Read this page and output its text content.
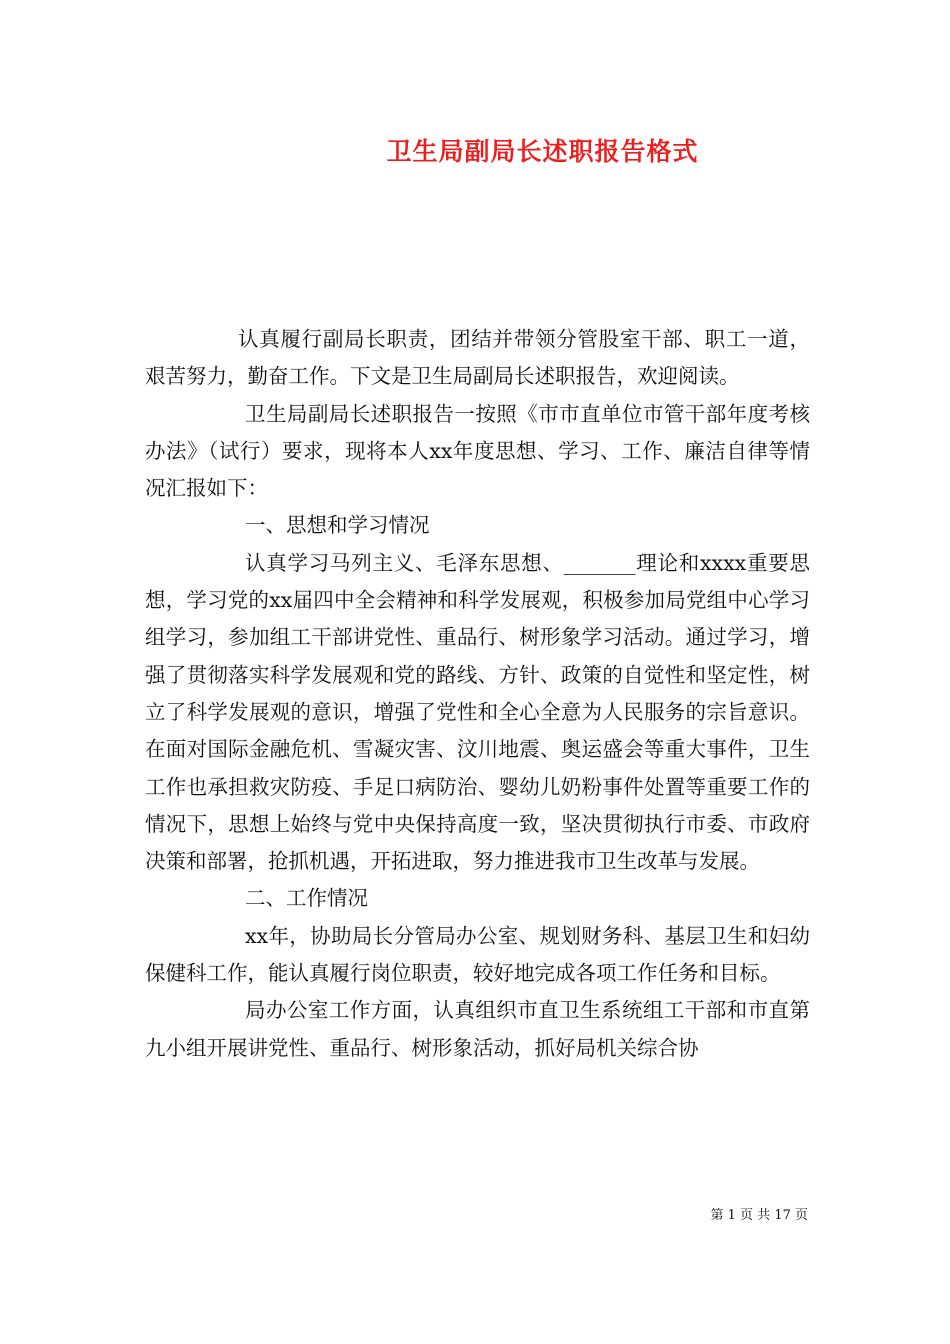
卫生局副局长述职报告格式

认真履行副局长职责，团结并带领分管股室干部、职工一道，艰苦努力，勤奋工作。下文是卫生局副局长述职报告，欢迎阅读。

卫生局副局长述职报告一按照《市市直单位市管干部年度考核办法》（试行）要求，现将本人xx年度思想、学习、工作、廉洁自律等情况汇报如下：

一、思想和学习情况

认真学习马列主义、毛泽东思想、_______理论和xxxx重要思想，学习党的xx届四中全会精神和科学发展观，积极参加局党组中心学习组学习，参加组工干部讲党性、重品行、树形象学习活动。通过学习，增强了贯彻落实科学发展观和党的路线、方针、政策的自觉性和坚定性，树立了科学发展观的意识，增强了党性和全心全意为人民服务的宗旨意识。在面对国际金融危机、雪凝灾害、汶川地震、奥运盛会等重大事件，卫生工作也承担救灾防疫、手足口病防治、婴幼儿奶粉事件处置等重要工作的情况下，思想上始终与党中央保持高度一致，坚决贯彻执行市委、市政府决策和部署，抢抓机遇，开拓进取，努力推进我市卫生改革与发展。

二、工作情况

xx年，协助局长分管局办公室、规划财务科、基层卫生和妇幼保健科工作，能认真履行岗位职责，较好地完成各项工作任务和目标。

局办公室工作方面，认真组织市直卫生系统组工干部和市直第九小组开展讲党性、重品行、树形象活动，抓好局机关综合协

第 1 页 共 17 页
